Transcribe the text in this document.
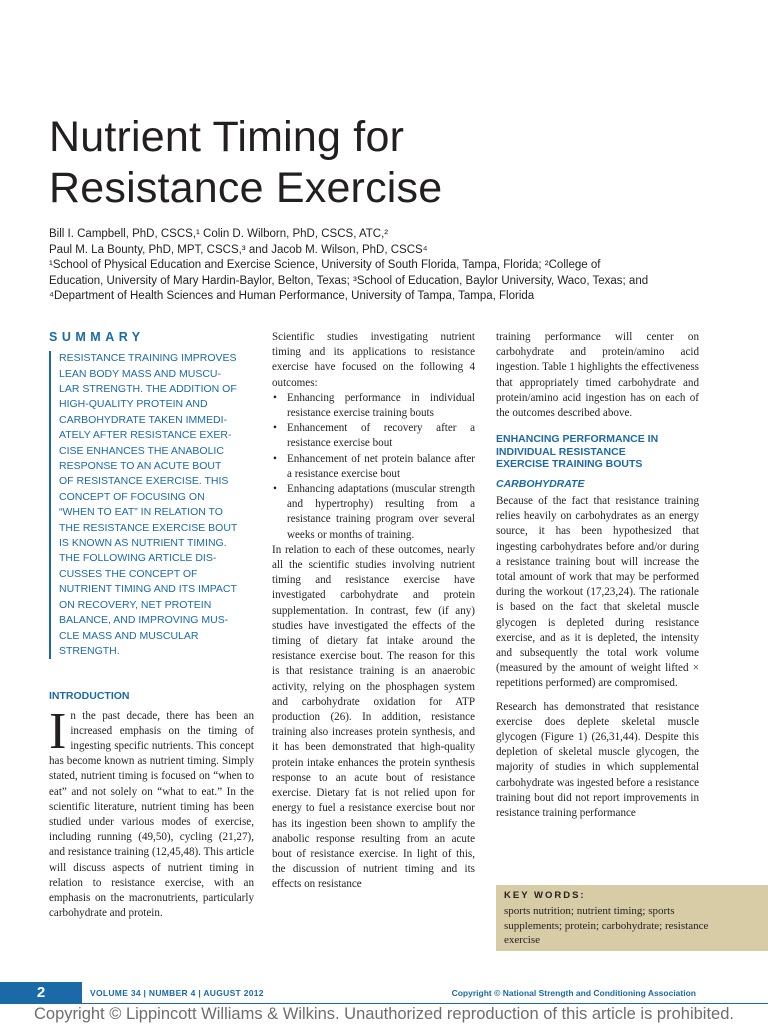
Nutrient Timing for
Resistance Exercise
Bill I. Campbell, PhD, CSCS,¹ Colin D. Wilborn, PhD, CSCS, ATC,²
Paul M. La Bounty, PhD, MPT, CSCS,³ and Jacob M. Wilson, PhD, CSCS⁴
¹School of Physical Education and Exercise Science, University of South Florida, Tampa, Florida; ²College of
Education, University of Mary Hardin-Baylor, Belton, Texas; ³School of Education, Baylor University, Waco, Texas; and
⁴Department of Health Sciences and Human Performance, University of Tampa, Tampa, Florida
SUMMARY
RESISTANCE TRAINING IMPROVES
LEAN BODY MASS AND MUSCU-
LAR STRENGTH. THE ADDITION OF
HIGH-QUALITY PROTEIN AND
CARBOHYDRATE TAKEN IMMEDI-
ATELY AFTER RESISTANCE EXER-
CISE ENHANCES THE ANABOLIC
RESPONSE TO AN ACUTE BOUT
OF RESISTANCE EXERCISE. THIS
CONCEPT OF FOCUSING ON
“WHEN TO EAT” IN RELATION TO
THE RESISTANCE EXERCISE BOUT
IS KNOWN AS NUTRIENT TIMING.
THE FOLLOWING ARTICLE DIS-
CUSSES THE CONCEPT OF
NUTRIENT TIMING AND ITS IMPACT
ON RECOVERY, NET PROTEIN
BALANCE, AND IMPROVING MUS-
CLE MASS AND MUSCULAR
STRENGTH.
INTRODUCTION
I n the past decade, there has been an increased emphasis on the timing of ingesting specific nutrients. This concept has become known as nutrient timing. Simply stated, nutrient timing is focused on “when to eat” and not solely on “what to eat.” In the scientific literature, nutrient timing has been studied under various modes of exercise, including running (49,50), cycling (21,27), and resistance training (12,45,48). This article will discuss aspects of nutrient timing in relation to resistance exercise, with an emphasis on the macronutrients, particularly carbohydrate and protein.

Scientific studies investigating nutrient timing and its applications to resistance exercise have focused on the following 4 outcomes:

• Enhancing performance in individual resistance exercise training bouts
• Enhancement of recovery after a resistance exercise bout
• Enhancement of net protein balance after a resistance exercise bout
• Enhancing adaptations (muscular strength and hypertrophy) resulting from a resistance training program over several weeks or months of training.

In relation to each of these outcomes, nearly all the scientific studies involving nutrient timing and resistance exercise have investigated carbohydrate and protein supplementation. In contrast, few (if any) studies have investigated the effects of the timing of dietary fat intake around the resistance exercise bout. The reason for this is that resistance training is an anaerobic activity, relying on the phosphagen system and carbohydrate oxidation for ATP production (26). In addition, resistance training also increases protein synthesis, and it has been demonstrated that high-quality protein intake enhances the protein synthesis response to an acute bout of resistance exercise. Dietary fat is not relied upon for energy to fuel a resistance exercise bout nor has its ingestion been shown to amplify the anabolic response resulting from an acute bout of resistance exercise. In light of this, the discussion of nutrient timing and its effects on resistance

training performance will center on carbohydrate and protein/amino acid ingestion. Table 1 highlights the effectiveness that appropriately timed carbohydrate and protein/amino acid ingestion has on each of the outcomes described above.

ENHANCING PERFORMANCE IN
INDIVIDUAL RESISTANCE
EXERCISE TRAINING BOUTS
CARBOHYDRATE

Because of the fact that resistance training relies heavily on carbohydrates as an energy source, it has been hypothesized that ingesting carbohydrates before and/or during a resistance training bout will increase the total amount of work that may be performed during the workout (17,23,24). The rationale is based on the fact that skeletal muscle glycogen is depleted during resistance exercise, and as it is depleted, the intensity and subsequently the total work volume (measured by the amount of weight lifted × repetitions performed) are compromised.

Research has demonstrated that resistance exercise does deplete skeletal muscle glycogen (Figure 1) (26,31,44). Despite this depletion of skeletal muscle glycogen, the majority of studies in which supplemental carbohydrate was ingested before a resistance training bout did not report improvements in resistance training performance

KEY WORDS:
sports nutrition; nutrient timing; sports supplements; protein; carbohydrate; resistance exercise
2	VOLUME 34 | NUMBER 4 | AUGUST 2012	Copyright © National Strength and Conditioning Association
Copyright © Lippincott Williams & Wilkins. Unauthorized reproduction of this article is prohibited.
